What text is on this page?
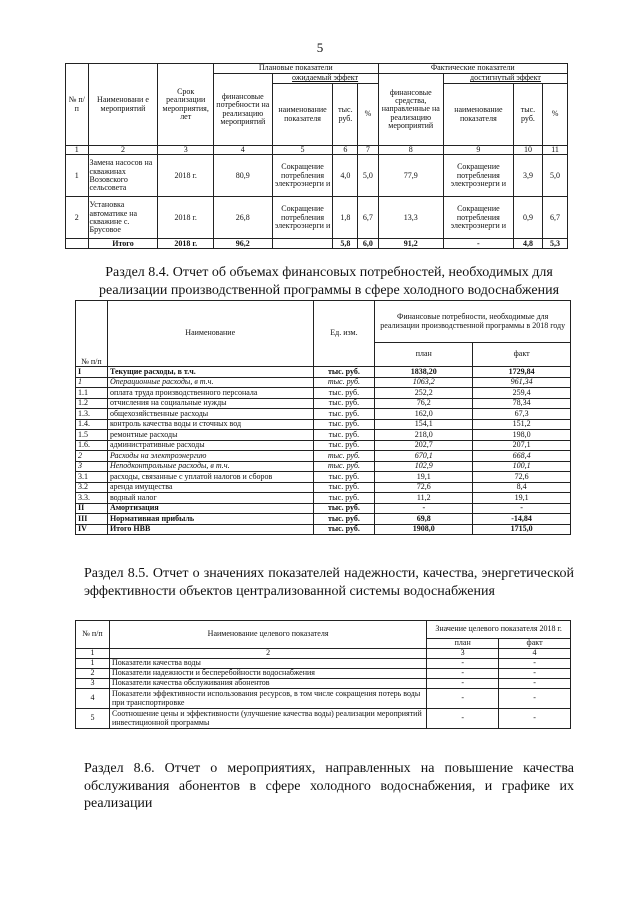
5
№ п/п	Наименовани е мероприятий	Срок реализации мероприятия, лет	Плановые показатели				Фактические показатели			
			финансовые потребности на реализацию мероприятий	ожидаемый эффект			финансовые средства, направленные на реализацию мероприятий	достигнутый эффект		
				наименование показателя	тыс. руб.	%		наименование показателя	тыс. руб.	%
1	2	3	4	5	6	7	8	9	10	11
1	Замена насосов на скважинах Возовского сельсовета	2018 г.	80,9	Сокращение потребления электроэнерги и	4,0	5,0	77,9	Сокращение потребления электроэнерги и	3,9	5,0
2	Установка автоматике на скважине с. Брусовое	2018 г.	26,8	Сокращение потребления электроэнерги и	1,8	6,7	13,3	Сокращение потребления электроэнерги и	0,9	6,7
	Итого	2018 г.	96,2		5,8	6,0	91,2	-	4,8	5,3
Раздел 8.4. Отчет об объемах финансовых потребностей, необходимых для реализации производственной программы в сфере холодного водоснабжения
№ п/п	Наименование	Ед. изм.	Финансовые потребности, необходимые для реализации производственной программы в 2018 году	
			план	факт
I	Текущие расходы, в т.ч.	тыс. руб.	1838,20	1729,84
1	Операционные расходы, в т.ч.	тыс. руб.	1063,2	961,34
1.1	оплата труда производственного персонала	тыс. руб.	252,2	259,4
1.2	отчисления на социальные нужды	тыс. руб.	76,2	78,34
1.3.	общехозяйственные расходы	тыс. руб.	162,0	67,3
1.4.	контроль качества воды и сточных вод	тыс. руб.	154,1	151,2
1.5	ремонтные расходы	тыс. руб.	218,0	198,0
1.6.	административные расходы	тыс. руб.	202,7	207,1
2	Расходы на электроэнергию	тыс. руб.	670,1	668,4
3	Неподконтрольные расходы, в т.ч.	тыс. руб.	102,9	100,1
3.1	расходы, связанные с уплатой налогов и сборов	тыс. руб.	19,1	72,6
3.2	аренда имущества	тыс. руб.	72,6	8,4
3.3.	водный налог	тыс. руб.	11,2	19,1
II	Амортизация	тыс. руб.	-	-
III	Нормативная прибыль	тыс. руб.	69,8	-14,84
IV	Итого НВВ	тыс. руб.	1908,0	1715,0
Раздел 8.5. Отчет о значениях показателей надежности, качества, энергетической эффективности объектов централизованной системы водоснабжения
№ п/п	Наименование целевого показателя	Значение целевого показателя 2018 г.	
		план	факт
1	2	3	4
1	Показатели качества воды	-	-
2	Показатели надежности и бесперебойности водоснабжения	-	-
3	Показатели качества обслуживания абонентов	-	-
4	Показатели эффективности использования ресурсов, в том числе сокращения потерь воды при транспортировке	-	-
5	Соотношение цены и эффективности (улучшение качества воды) реализации мероприятий инвестиционной программы	-	-
Раздел 8.6. Отчет о мероприятиях, направленных на повышение качества обслуживания абонентов в сфере холодного водоснабжения, и графике их реализации
